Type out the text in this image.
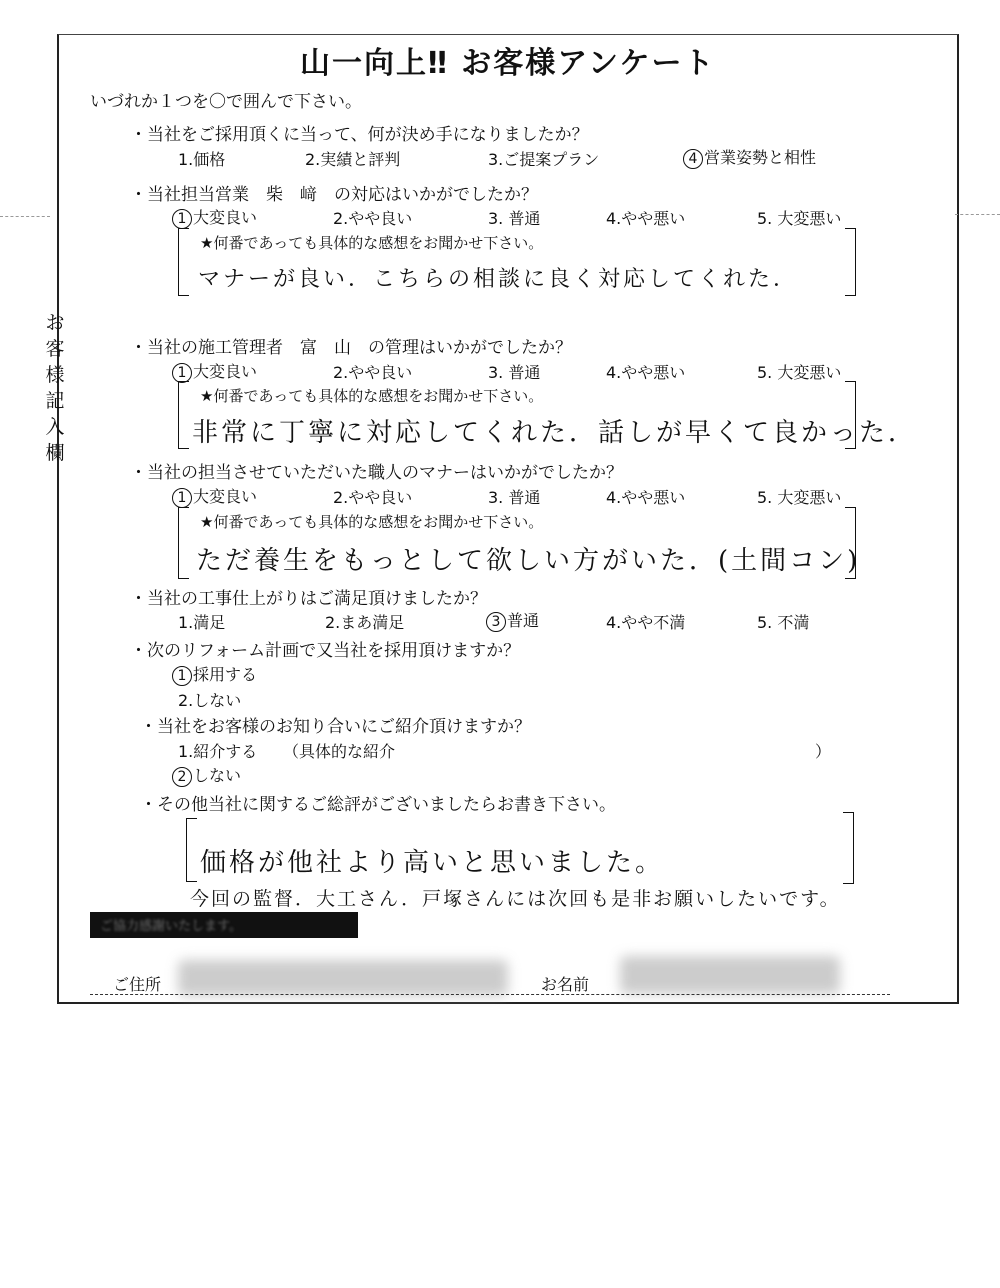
山一向上‼ お客様アンケート
いづれか１つを〇で囲んで下さい。
お
客
様
記
入
欄
・当社をご採用頂くに当って、何が決め手になりましたか？
1.価格	2.実績と評判	3.ご提案プラン	4 営業姿勢と相性
・当社担当営業　柴　﨑　の対応はいかがでしたか？
1 大変良い	2.やや良い	3. 普通	4.やや悪い	5. 大変悪い
★何番であっても具体的な感想をお聞かせ下さい。
マナーが良い．こちらの相談に良く対応してくれた．
・当社の施工管理者　富　山　の管理はいかがでしたか？
1 大変良い	2.やや良い	3. 普通	4.やや悪い	5. 大変悪い
★何番であっても具体的な感想をお聞かせ下さい。
非常に丁寧に対応してくれた．話しが早くて良かった．
・当社の担当させていただいた職人のマナーはいかがでしたか？
1 大変良い	2.やや良い	3. 普通	4.やや悪い	5. 大変悪い
★何番であっても具体的な感想をお聞かせ下さい。
ただ養生をもっとして欲しい方がいた．(土間コン)
・当社の工事仕上がりはご満足頂けましたか？
1.満足	2.まあ満足	3 普通	4.やや不満	5. 不満
・次のリフォーム計画で又当社を採用頂けますか？
1 採用する
2.しない
・当社をお客様のお知り合いにご紹介頂けますか？
1.紹介する （具体的な紹介	）
2 しない
・その他当社に関するご総評がございましたらお書き下さい。
価格が他社より高いと思いました。
今回の監督．大工さん．戸塚さんには次回も是非お願いしたいです。
ご協力感謝いたします。
ご住所	お名前
